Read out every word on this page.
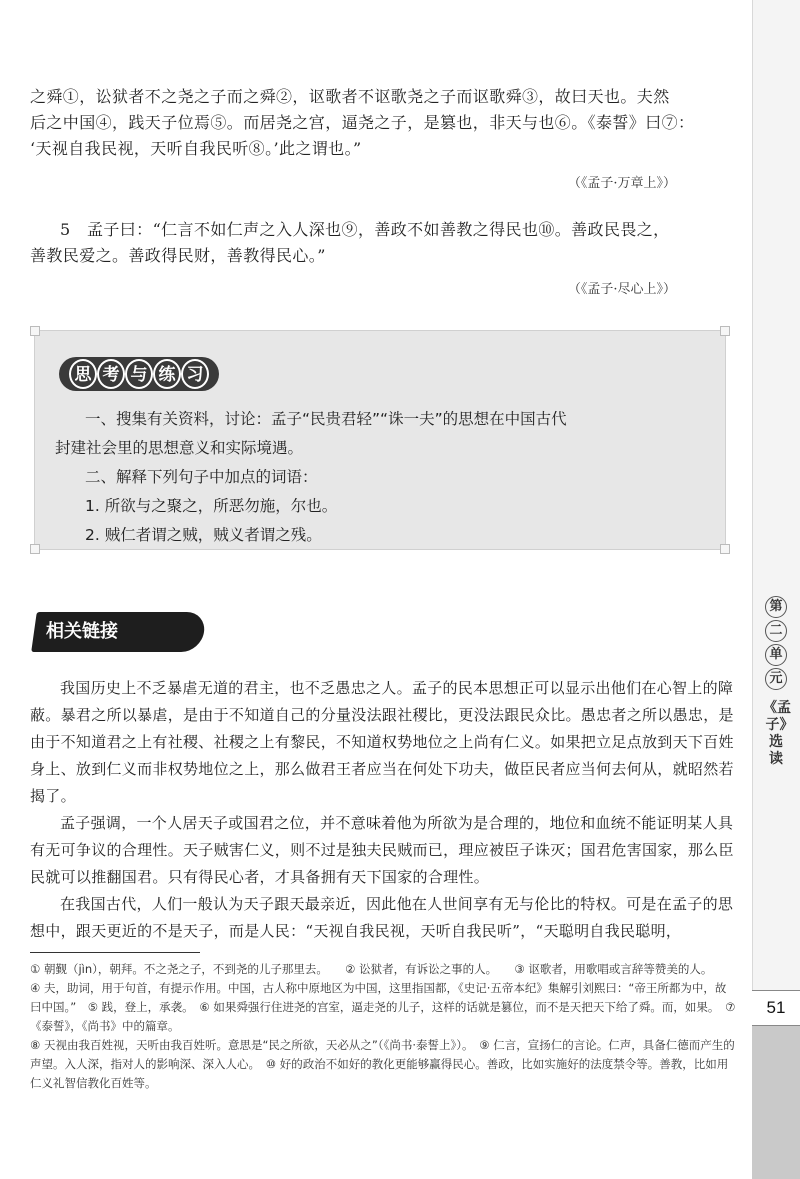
之舜①，讼狱者不之尧之子而之舜②，讴歌者不讴歌尧之子而讴歌舜③，故曰天也。夫然

后之中国④，践天子位焉⑤。而居尧之宫，逼尧之子，是篡也，非天与也⑥。《泰誓》曰⑦：

‘天视自我民视，天听自我民听⑧。’此之谓也。”

（《孟子·万章上》）

5　孟子曰：“仁言不如仁声之入人深也⑨，善政不如善教之得民也⑩。善政民畏之，

善教民爱之。善政得民财，善教得民心。”

（《孟子·尽心上》）
思 考 与 练 习

一、搜集有关资料，讨论：孟子“民贵君轻”“诛一夫”的思想在中国古代

封建社会里的思想意义和实际境遇。

二、解释下列句子中加点的词语：

1. 所欲与之聚之，所恶勿施，尔也。

2. 贼仁者谓之贼，贼义者谓之残。

相关链接

我国历史上不乏暴虐无道的君主，也不乏愚忠之人。孟子的民本思想正可以显示出他们在心智上的障蔽。暴君之所以暴虐，是由于不知道自己的分量没法跟社稷比，更没法跟民众比。愚忠者之所以愚忠，是由于不知道君之上有社稷、社稷之上有黎民，不知道权势地位之上尚有仁义。如果把立足点放到天下百姓身上、放到仁义而非权势地位之上，那么做君王者应当在何处下功夫，做臣民者应当何去何从，就昭然若揭了。

孟子强调，一个人居天子或国君之位，并不意味着他为所欲为是合理的，地位和血统不能证明某人具有无可争议的合理性。天子贼害仁义，则不过是独夫民贼而已，理应被臣子诛灭；国君危害国家，那么臣民就可以推翻国君。只有得民心者，才具备拥有天下国家的合理性。

在我国古代，人们一般认为天子跟天最亲近，因此他在人世间享有无与伦比的特权。可是在孟子的思想中，跟天更近的不是天子，而是人民：“天视自我民视，天听自我民听”，“天聪明自我民聪明，

① 朝觐（jìn），朝拜。不之尧之子，不到尧的儿子那里去。　　② 讼狱者，有诉讼之事的人。　　③ 讴歌者，用歌唱或言辞等赞美的人。　　④ 夫，助词，用于句首，有提示作用。中国，古人称中原地区为中国，这里指国都，《史记·五帝本纪》集解引刘熙曰：“帝王所都为中，故曰中国。”　⑤ 践，登上，承袭。　⑥ 如果舜强行住进尧的宫室，逼走尧的儿子，这样的话就是篡位，而不是天把天下给了舜。而，如果。　⑦《泰誓》，《尚书》中的篇章。

⑧ 天视由我百姓视，天听由我百姓听。意思是“民之所欲，天必从之”（《尚书·泰誓上》）。　⑨ 仁言，宣扬仁的言论。仁声，具备仁德而产生的声望。入人深，指对人的影响深、深入人心。　⑩ 好的政治不如好的教化更能够赢得民心。善政，比如实施好的法度禁令等。善教，比如用仁义礼智信教化百姓等。

第
二
单
元
《孟子》选读
51
